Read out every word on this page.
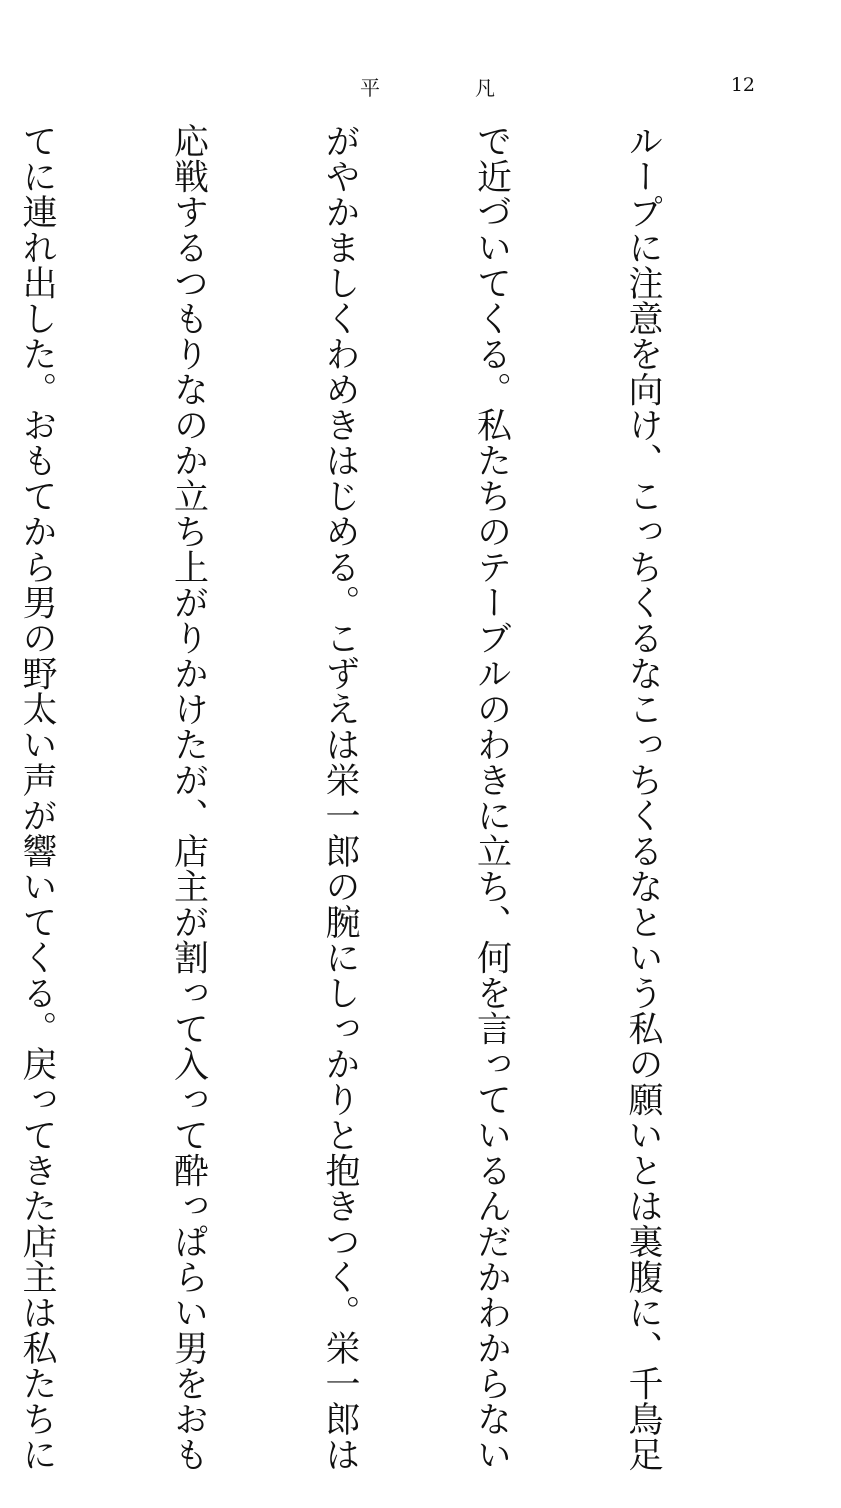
平	凡	12

ループに注意を向け、こっちくるなこっちくるなという私の願いとは裏腹に、千鳥足

で近づいてくる。私たちのテーブルのわきに立ち、何を言っているんだかわからない

がやかましくわめきはじめる。こずえは栄一郎の腕にしっかりと抱きつく。栄一郎は

応戦するつもりなのか立ち上がりかけたが、店主が割って入って酔っぱらい男をおも

てに連れ出した。おもてから男の野太い声が響いてくる。戻ってきた店主は私たちに
